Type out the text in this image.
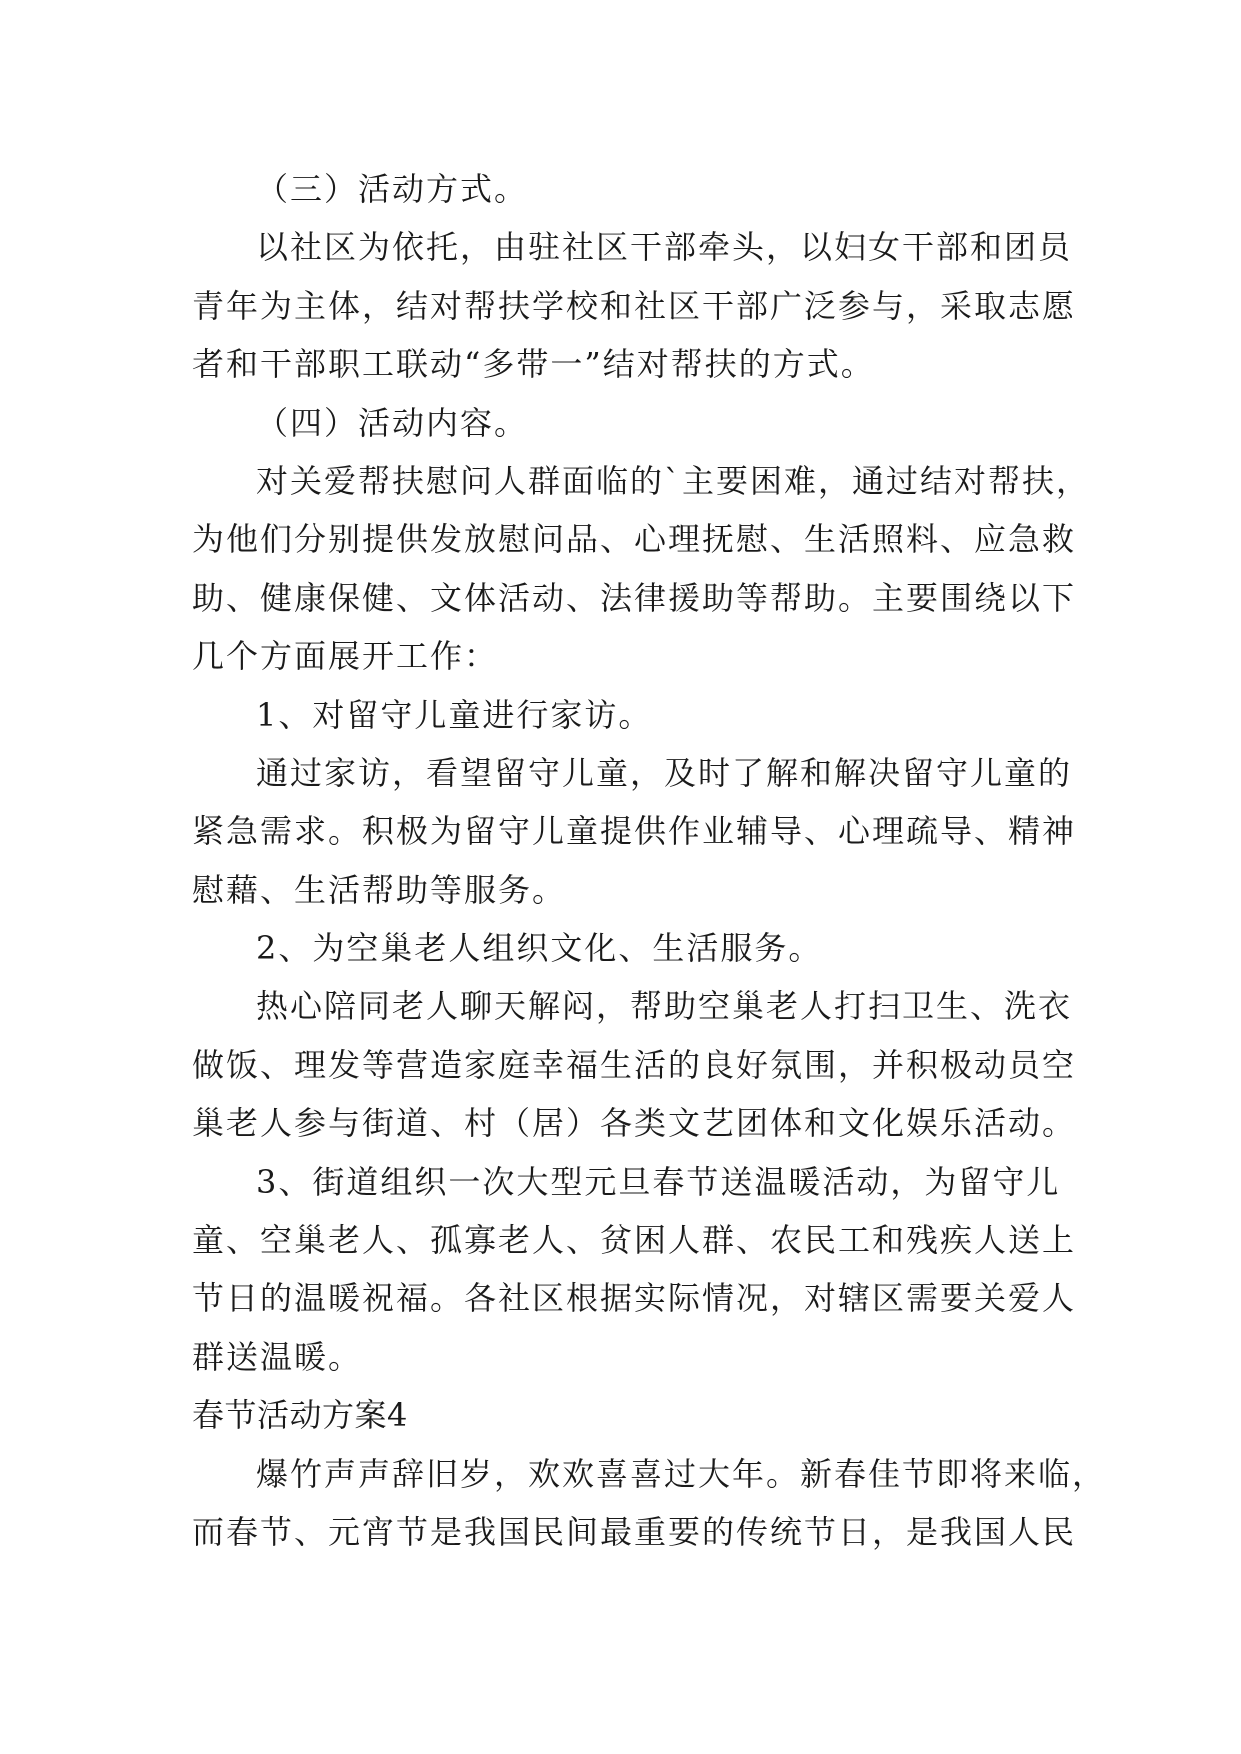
（三）活动方式。
以社区为依托，由驻社区干部牵头，以妇女干部和团员
青年为主体，结对帮扶学校和社区干部广泛参与，采取志愿
者和干部职工联动“多带一”结对帮扶的方式。
（四）活动内容。
对关爱帮扶慰问人群面临的`主要困难，通过结对帮扶，
为他们分别提供发放慰问品、心理抚慰、生活照料、应急救
助、健康保健、文体活动、法律援助等帮助。主要围绕以下
几个方面展开工作：
1、对留守儿童进行家访。
通过家访，看望留守儿童，及时了解和解决留守儿童的
紧急需求。积极为留守儿童提供作业辅导、心理疏导、精神
慰藉、生活帮助等服务。
2、为空巢老人组织文化、生活服务。
热心陪同老人聊天解闷，帮助空巢老人打扫卫生、洗衣
做饭、理发等营造家庭幸福生活的良好氛围，并积极动员空
巢老人参与街道、村（居）各类文艺团体和文化娱乐活动。
3、街道组织一次大型元旦春节送温暖活动，为留守儿
童、空巢老人、孤寡老人、贫困人群、农民工和残疾人送上
节日的温暖祝福。各社区根据实际情况，对辖区需要关爱人
群送温暖。
春节活动方案4
爆竹声声辞旧岁，欢欢喜喜过大年。新春佳节即将来临，
而春节、元宵节是我国民间最重要的传统节日，是我国人民
